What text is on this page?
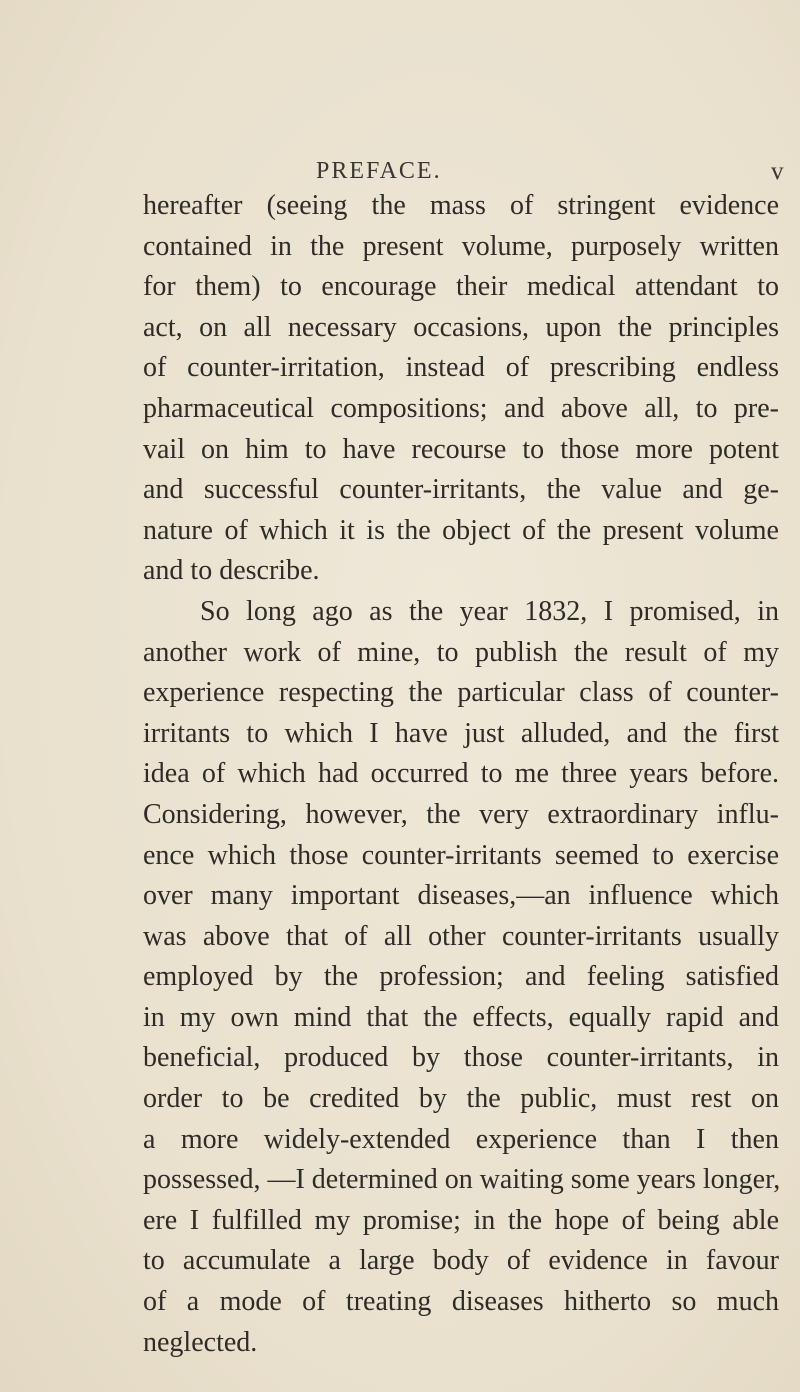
PREFACE.	v
hereafter (seeing the mass of stringent evidence
contained in the present volume, purposely written
for them) to encourage their medical attendant to
act, on all necessary occasions, upon the principles
of counter-irritation, instead of prescribing endless
pharmaceutical compositions; and above all, to pre-
vail on him to have recourse to those more potent
and successful counter-irritants, the value and ge-
nature of which it is the object of the present volume
and to describe.
So long ago as the year 1832, I promised, in
another work of mine, to publish the result of my
experience respecting the particular class of counter-
irritants to which I have just alluded, and the first
idea of which had occurred to me three years before.
Considering, however, the very extraordinary influ-
ence which those counter-irritants seemed to exercise
over many important diseases,—an influence which
was above that of all other counter-irritants usually
employed by the profession; and feeling satisfied
in my own mind that the effects, equally rapid and
beneficial, produced by those counter-irritants, in
order to be credited by the public, must rest on
a more widely-extended experience than I then
possessed, —I determined on waiting some years longer,
ere I fulfilled my promise; in the hope of being able
to accumulate a large body of evidence in favour
of a mode of treating diseases hitherto so much
neglected.
